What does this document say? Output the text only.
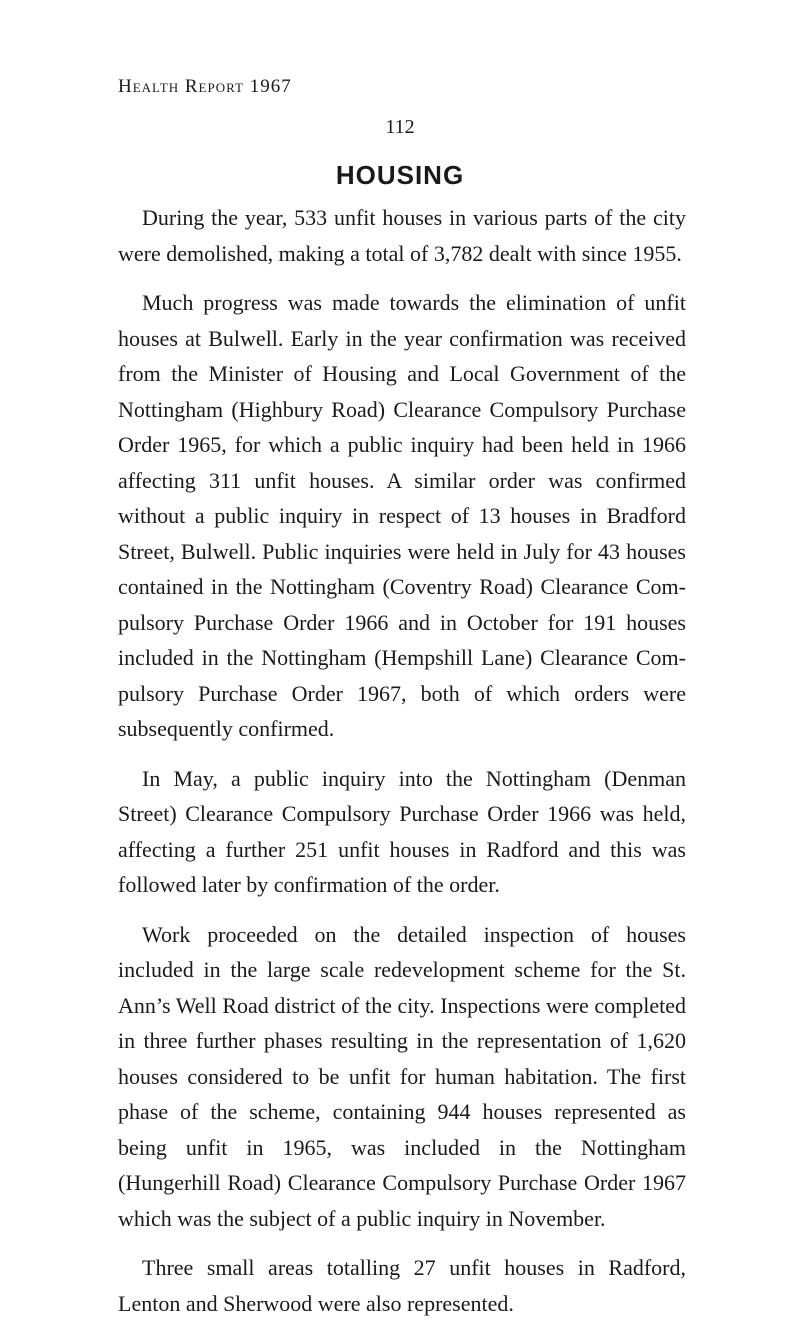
Health Report 1967
112
HOUSING

During the year, 533 unfit houses in various parts of the city were demolished, making a total of 3,782 dealt with since 1955.

Much progress was made towards the elimination of unfit houses at Bulwell. Early in the year confirmation was received from the Minister of Housing and Local Government of the Nottingham (Highbury Road) Clearance Compulsory Purchase Order 1965, for which a public inquiry had been held in 1966 affecting 311 unfit houses. A similar order was confirmed without a public inquiry in respect of 13 houses in Bradford Street, Bulwell. Public inquiries were held in July for 43 houses contained in the Nottingham (Coventry Road) Clearance Compulsory Purchase Order 1966 and in October for 191 houses included in the Nottingham (Hempshill Lane) Clearance Compulsory Purchase Order 1967, both of which orders were subsequently confirmed.

In May, a public inquiry into the Nottingham (Denman Street) Clearance Compulsory Purchase Order 1966 was held, affecting a further 251 unfit houses in Radford and this was followed later by confirmation of the order.

Work proceeded on the detailed inspection of houses included in the large scale redevelopment scheme for the St. Ann’s Well Road district of the city. Inspections were completed in three further phases resulting in the representation of 1,620 houses considered to be unfit for human habitation. The first phase of the scheme, containing 944 houses represented as being unfit in 1965, was included in the Nottingham (Hungerhill Road) Clearance Compulsory Purchase Order 1967 which was the subject of a public inquiry in November.

Three small areas totalling 27 unfit houses in Radford, Lenton and Sherwood were also represented.
